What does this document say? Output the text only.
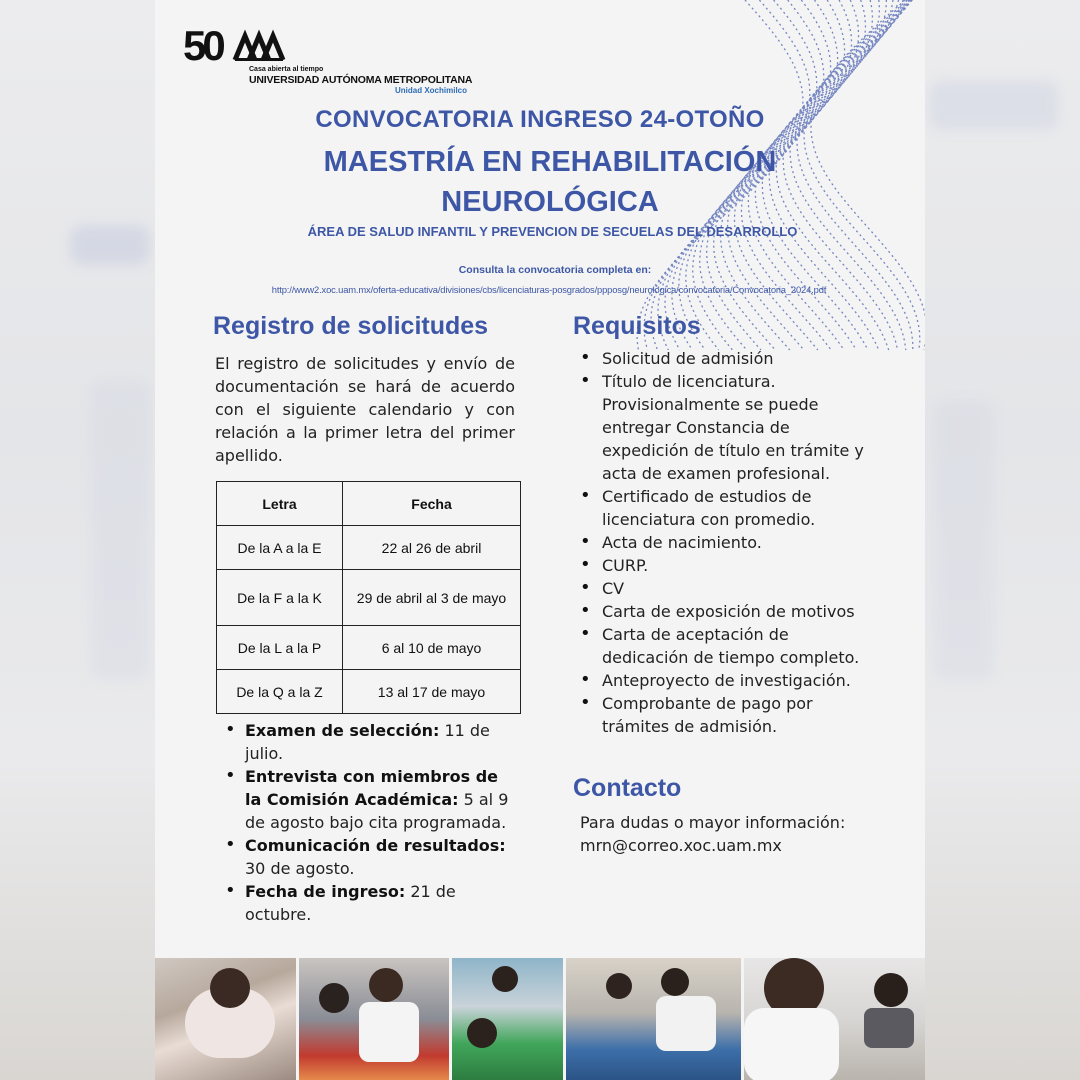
50
Casa abierta al tiempo
UNIVERSIDAD AUTÓNOMA METROPOLITANA
Unidad Xochimilco
CONVOCATORIA INGRESO 24-OTOÑO
MAESTRÍA EN REHABILITACIÓN NEUROLÓGICA
ÁREA DE SALUD INFANTIL Y PREVENCION DE SECUELAS DEL DESARROLLO
Consulta la convocatoria completa en:
http://www2.xoc.uam.mx/oferta-educativa/divisiones/cbs/licenciaturas-posgrados/ppposg/neurologica/convocatoria/Convocatoria_2024.pdf
Registro de solicitudes

El registro de solicitudes y envío de documentación se hará de acuerdo con el siguiente calendario y con relación a la primer letra del primer apellido.

Letra	Fecha
De la A a la E	22 al 26 de abril
De la F a la K	29 de abril al 3 de mayo
De la L a la P	6 al 10 de mayo
De la Q a la Z	13 al 17 de mayo
• Examen de selección: 11 de julio.
• Entrevista con miembros de la Comisión Académica: 5 al 9 de agosto bajo cita programada.
• Comunicación de resultados: 30 de agosto.
• Fecha de ingreso: 21 de octubre.
Requisitos
• Solicitud de admisión
• Título de licenciatura. Provisionalmente se puede entregar Constancia de expedición de título en trámite y acta de examen profesional.
• Certificado de estudios de licenciatura con promedio.
• Acta de nacimiento.
• CURP.
• CV
• Carta de exposición de motivos
• Carta de aceptación de dedicación de tiempo completo.
• Anteproyecto de investigación.
• Comprobante de pago por trámites de admisión.
Contacto
Para dudas o mayor información:
mrn@correo.xoc.uam.mx
